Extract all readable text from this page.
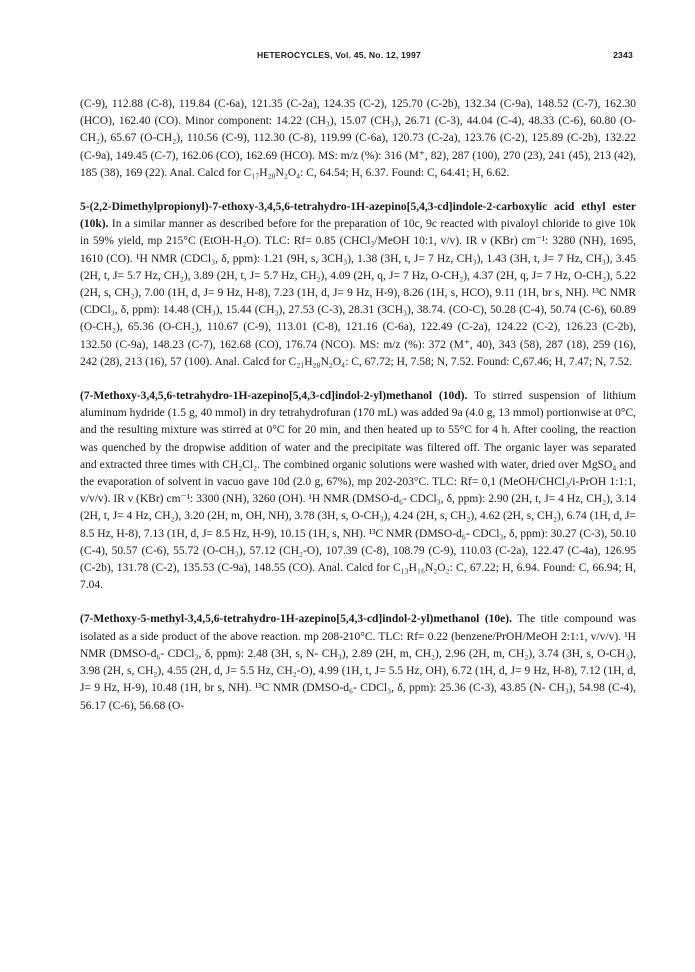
HETEROCYCLES, Vol. 45, No. 12, 1997	2343

(C-9), 112.88 (C-8), 119.84 (C-6a), 121.35 (C-2a), 124.35 (C-2), 125.70 (C-2b), 132.34 (C-9a), 148.52 (C-7), 162.30 (HCO), 162.40 (CO). Minor component: 14.22 (CH₃), 15.07 (CH₃), 26.71 (C-3), 44.04 (C-4), 48.33 (C-6), 60.80 (O-CH₂), 65.67 (O-CH₂), 110.56 (C-9), 112.30 (C-8), 119.99 (C-6a), 120.73 (C-2a), 123.76 (C-2), 125.89 (C-2b), 132.22 (C-9a), 149.45 (C-7), 162.06 (CO), 162.69 (HCO). MS: m/z (%): 316 (M⁺, 82), 287 (100), 270 (23), 241 (45), 213 (42), 185 (38), 169 (22). Anal. Calcd for C₁₇H₂₀N₂O₄: C, 64.54; H, 6.37. Found: C, 64.41; H, 6.62.

5-(2,2-Dimethylpropionyl)-7-ethoxy-3,4,5,6-tetrahydro-1H-azepino[5,4,3-cd]indole-2-carboxylic acid ethyl ester (10k). In a similar manner as described before for the preparation of 10c, 9c reacted with pivaloyl chloride to give 10k in 59% yield, mp 215°C (EtOH-H₂O). TLC: Rf= 0.85 (CHCl₃/MeOH 10:1, v/v). IR ν (KBr) cm⁻¹: 3280 (NH), 1695, 1610 (CO). ¹H NMR (CDCl₃, δ, ppm): 1.21 (9H, s, 3CH₃), 1.38 (3H, t, J= 7 Hz, CH₃), 1.43 (3H, t, J= 7 Hz, CH₃), 3.45 (2H, t, J= 5.7 Hz, CH₂), 3.89 (2H, t, J= 5.7 Hz, CH₂), 4.09 (2H, q, J= 7 Hz, O-CH₂), 4.37 (2H, q, J= 7 Hz, O-CH₂), 5.22 (2H, s, CH₂), 7.00 (1H, d, J= 9 Hz, H-8), 7.23 (1H, d, J= 9 Hz, H-9), 8.26 (1H, s, HCO), 9.11 (1H, br s, NH). ¹³C NMR (CDCl₃, δ, ppm): 14.48 (CH₃), 15.44 (CH₃), 27.53 (C-3), 28.31 (3CH₃), 38.74. (CO-C), 50.28 (C-4), 50.74 (C-6), 60.89 (O-CH₂), 65.36 (O-CH₂), 110.67 (C-9), 113.01 (C-8), 121.16 (C-6a), 122.49 (C-2a), 124.22 (C-2), 126.23 (C-2b), 132.50 (C-9a), 148.23 (C-7), 162.68 (CO), 176.74 (NCO). MS: m/z (%): 372 (M⁺, 40), 343 (58), 287 (18), 259 (16), 242 (28), 213 (16), 57 (100). Anal. Calcd for C₂₁H₂₈N₂O₄: C, 67.72; H, 7.58; N, 7.52. Found: C,67.46; H, 7.47; N, 7.52.

(7-Methoxy-3,4,5,6-tetrahydro-1H-azepino[5,4,3-cd]indol-2-yl)methanol (10d). To stirred suspension of lithium aluminum hydride (1.5 g, 40 mmol) in dry tetrahydrofuran (170 mL) was added 9a (4.0 g, 13 mmol) portionwise at 0°C, and the resulting mixture was stirred at 0°C for 20 min, and then heated up to 55°C for 4 h. After cooling, the reaction was quenched by the dropwise addition of water and the precipitate was filtered off. The organic layer was separated and extracted three times with CH₂Cl₂. The combined organic solutions were washed with water, dried over MgSO₄ and the evaporation of solvent in vacuo gave 10d (2.0 g, 67%), mp 202-203°C. TLC: Rf= 0,1 (MeOH/CHCl₃/i-PrOH 1:1:1, v/v/v). IR ν (KBr) cm⁻¹: 3300 (NH), 3260 (OH). ¹H NMR (DMSO-d₆- CDCl₃, δ, ppm): 2.90 (2H, t, J= 4 Hz, CH₂), 3.14 (2H, t, J= 4 Hz, CH₂), 3.20 (2H, m, OH, NH), 3.78 (3H, s, O-CH₃), 4.24 (2H, s, CH₂), 4.62 (2H, s, CH₂), 6.74 (1H, d, J= 8.5 Hz, H-8), 7.13 (1H, d, J= 8.5 Hz, H-9), 10.15 (1H, s, NH). ¹³C NMR (DMSO-d₆- CDCl₃, δ, ppm): 30.27 (C-3), 50.10 (C-4), 50.57 (C-6), 55.72 (O-CH₃), 57.12 (CH₂-O), 107.39 (C-8), 108.79 (C-9), 110.03 (C-2a), 122.47 (C-4a), 126.95 (C-2b), 131.78 (C-2), 135.53 (C-9a), 148.55 (CO). Anal. Calcd for C₁₃H₁₆N₂O₂: C, 67.22; H, 6.94. Found: C, 66.94; H, 7.04.

(7-Methoxy-5-methyl-3,4,5,6-tetrahydro-1H-azepino[5,4,3-cd]indol-2-yl)methanol (10e). The title compound was isolated as a side product of the above reaction. mp 208-210°C. TLC: Rf= 0.22 (benzene/PrOH/MeOH 2:1:1, v/v/v). ¹H NMR (DMSO-d₆- CDCl₃, δ, ppm): 2.48 (3H, s, N- CH₃), 2.89 (2H, m, CH₂), 2.96 (2H, m, CH₂), 3.74 (3H, s, O-CH₃), 3.98 (2H, s, CH₂), 4.55 (2H, d, J= 5.5 Hz, CH₂-O), 4.99 (1H, t, J= 5.5 Hz, OH), 6.72 (1H, d, J= 9 Hz, H-8), 7.12 (1H, d, J= 9 Hz, H-9), 10.48 (1H, br s, NH). ¹³C NMR (DMSO-d₆- CDCl₃, δ, ppm): 25.36 (C-3), 43.85 (N- CH₃), 54.98 (C-4), 56.17 (C-6), 56.68 (O-
